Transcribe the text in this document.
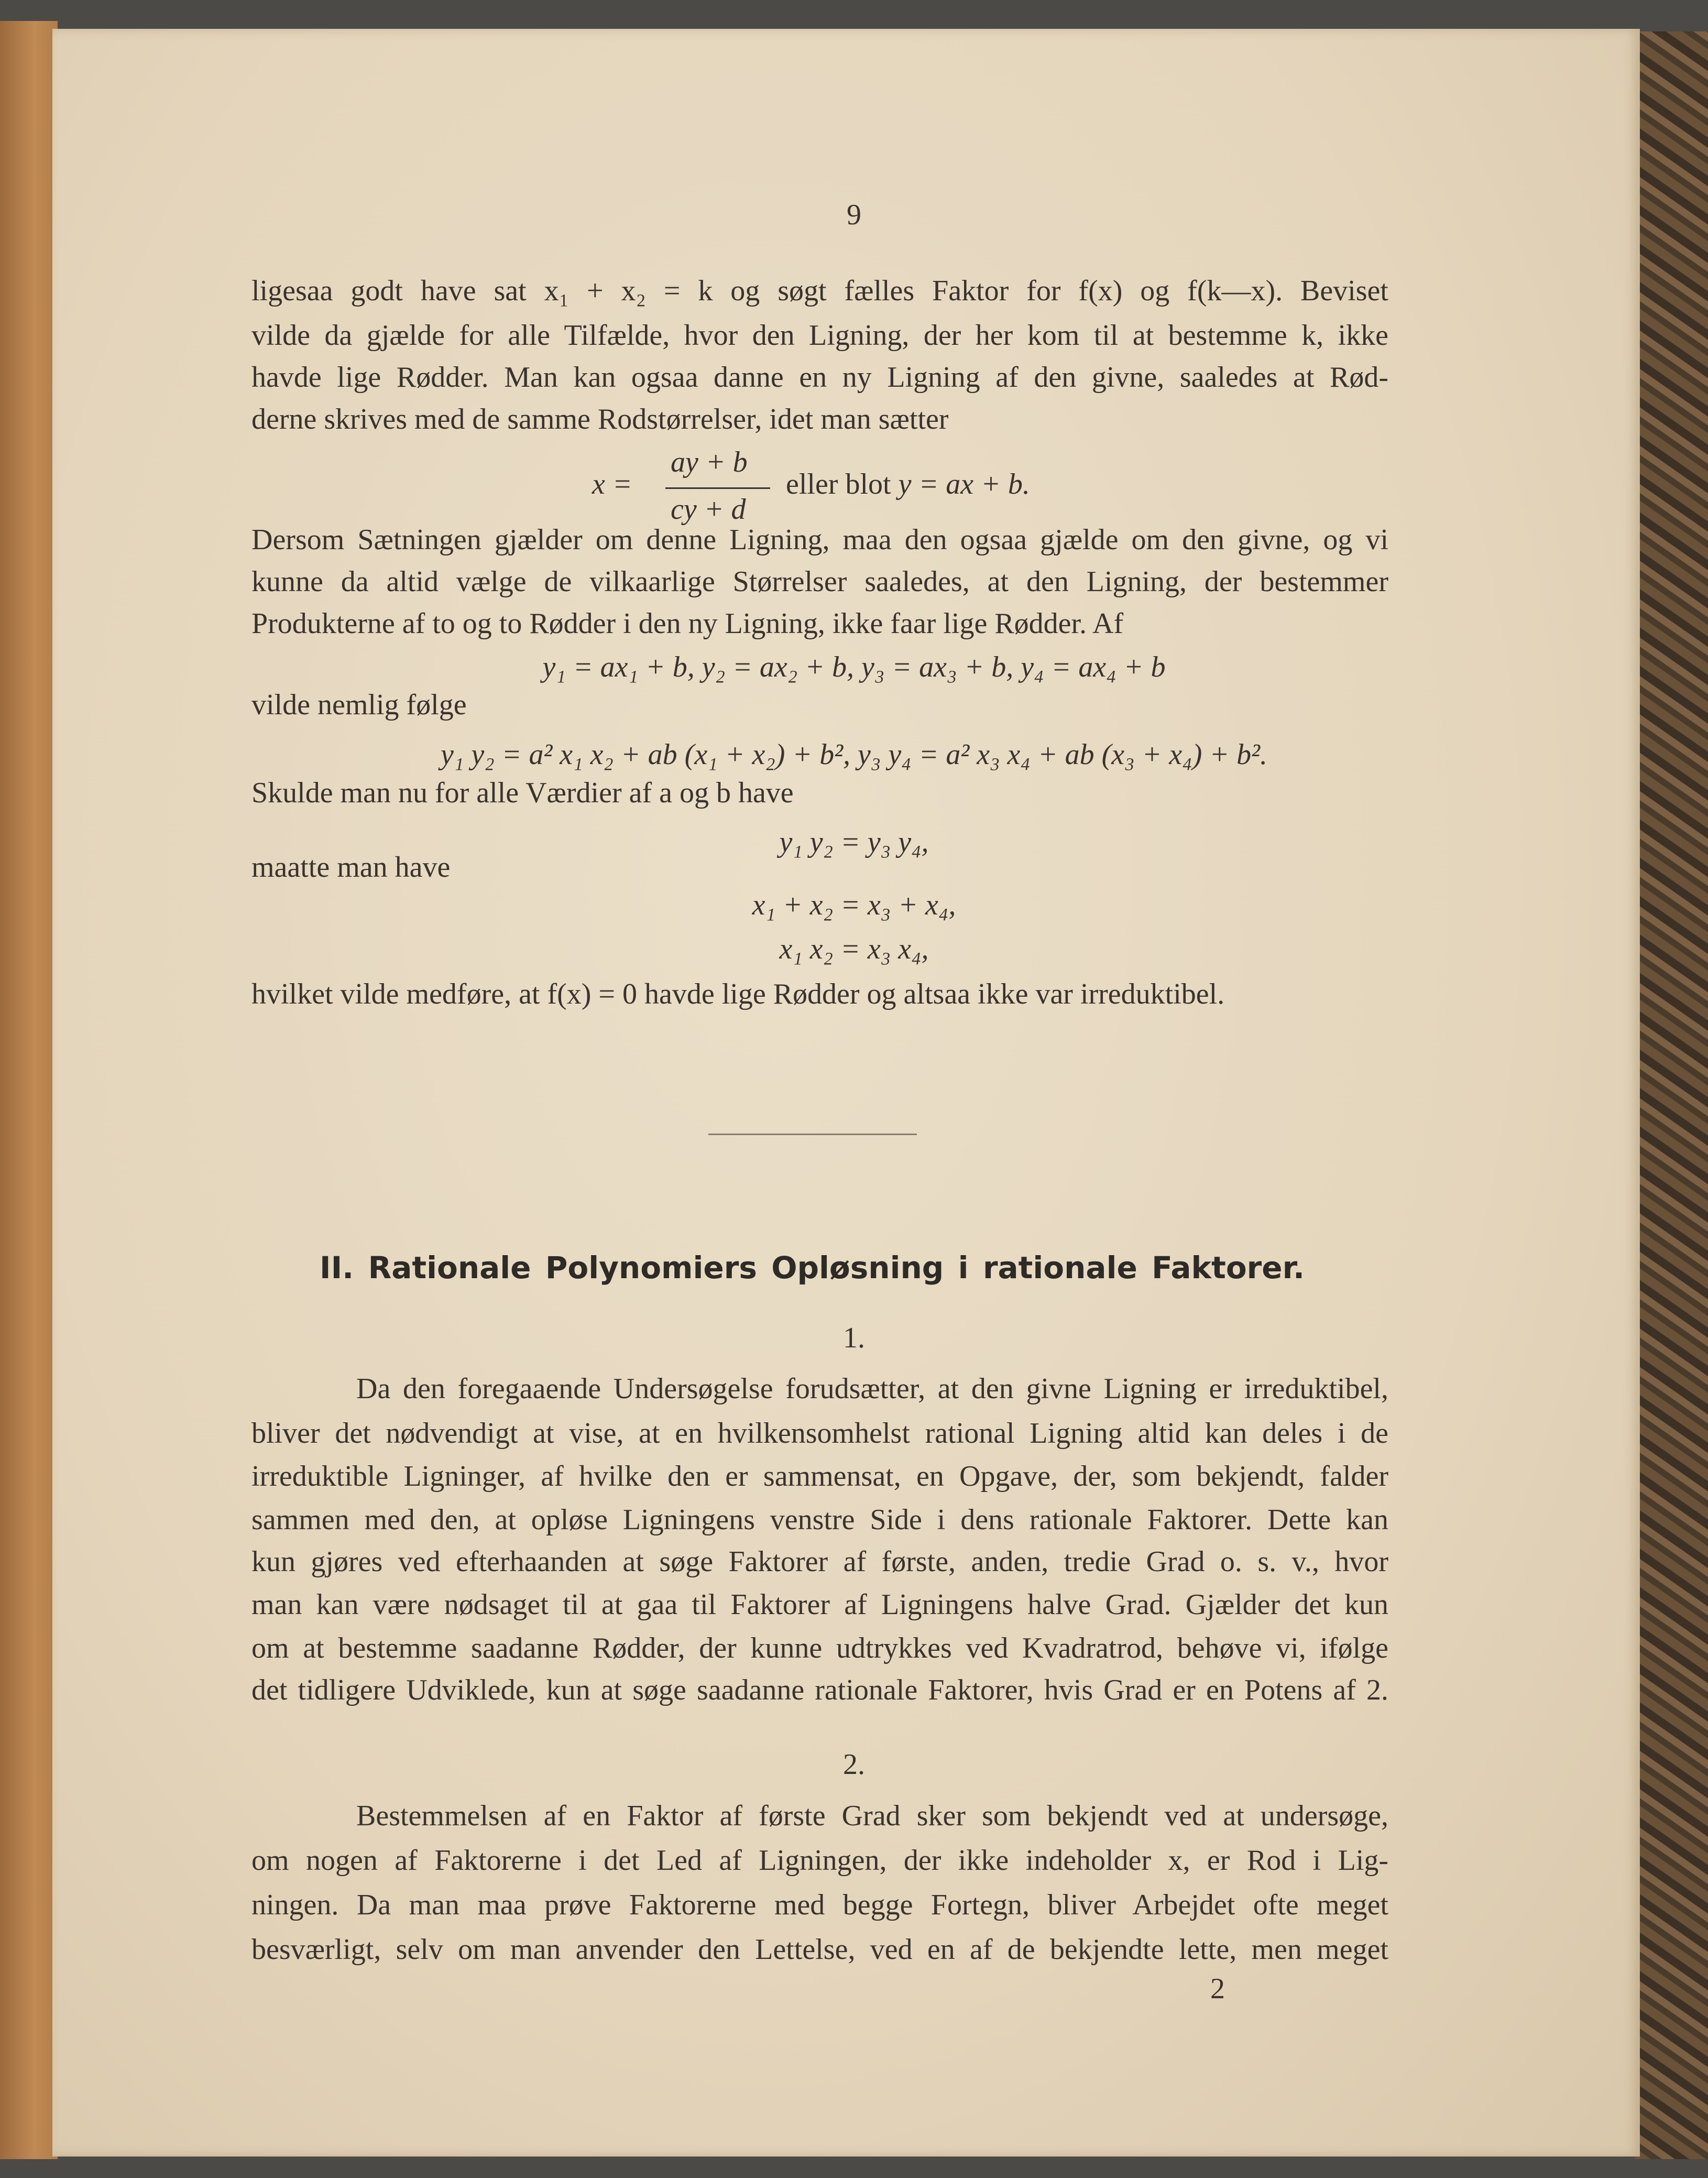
9
ligesaa godt have sat x₁ + x₂ = k og søgt fælles Faktor for f(x) og f(k—x). Beviset
vilde da gjælde for alle Tilfælde, hvor den Ligning, der her kom til at bestemme k, ikke
havde lige Rødder. Man kan ogsaa danne en ny Ligning af den givne, saaledes at Rød-
derne skrives med de samme Rodstørrelser, idet man sætter
x =
ay + b
cy + d
eller blot y = ax + b.
Dersom Sætningen gjælder om denne Ligning, maa den ogsaa gjælde om den givne, og vi
kunne da altid vælge de vilkaarlige Størrelser saaledes, at den Ligning, der bestemmer
Produkterne af to og to Rødder i den ny Ligning, ikke faar lige Rødder. Af
y₁ = ax₁ + b, y₂ = ax₂ + b, y₃ = ax₃ + b, y₄ = ax₄ + b
vilde nemlig følge
y₁ y₂ = a² x₁ x₂ + ab (x₁ + x₂) + b², y₃ y₄ = a² x₃ x₄ + ab (x₃ + x₄) + b².
Skulde man nu for alle Værdier af a og b have
y₁ y₂ = y₃ y₄,
maatte man have
x₁ + x₂ = x₃ + x₄,
x₁ x₂ = x₃ x₄,
hvilket vilde medføre, at f(x) = 0 havde lige Rødder og altsaa ikke var irreduktibel.
II. Rationale Polynomiers Opløsning i rationale Faktorer.
1.
Da den foregaaende Undersøgelse forudsætter, at den givne Ligning er irreduktibel,
bliver det nødvendigt at vise, at en hvilkensomhelst rational Ligning altid kan deles i de
irreduktible Ligninger, af hvilke den er sammensat, en Opgave, der, som bekjendt, falder
sammen med den, at opløse Ligningens venstre Side i dens rationale Faktorer. Dette kan
kun gjøres ved efterhaanden at søge Faktorer af første, anden, tredie Grad o. s. v., hvor
man kan være nødsaget til at gaa til Faktorer af Ligningens halve Grad. Gjælder det kun
om at bestemme saadanne Rødder, der kunne udtrykkes ved Kvadratrod, behøve vi, ifølge
det tidligere Udviklede, kun at søge saadanne rationale Faktorer, hvis Grad er en Potens af 2.
2.
Bestemmelsen af en Faktor af første Grad sker som bekjendt ved at undersøge,
om nogen af Faktorerne i det Led af Ligningen, der ikke indeholder x, er Rod i Lig-
ningen. Da man maa prøve Faktorerne med begge Fortegn, bliver Arbejdet ofte meget
besværligt, selv om man anvender den Lettelse, ved en af de bekjendte lette, men meget
2
